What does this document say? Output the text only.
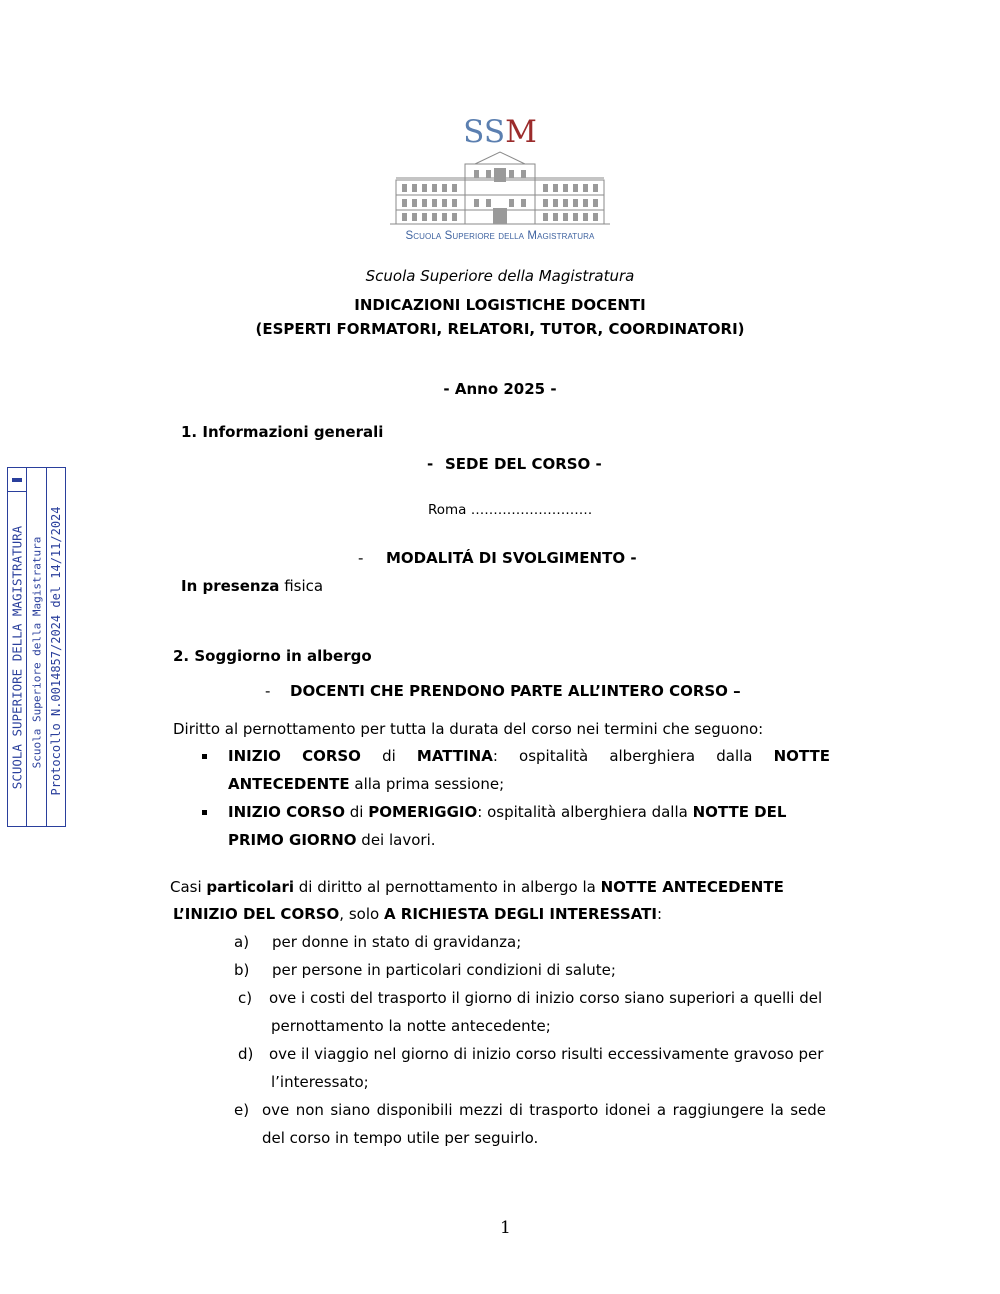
SSM
Scuola Superiore della Magistratura
SCUOLA SUPERIORE DELLA MAGISTRATURA Scuola Superiore della Magistratura Protocollo N.0014857/2024 del 14/11/2024
Scuola Superiore della Magistratura
INDICAZIONI LOGISTICHE DOCENTI
(ESPERTI FORMATORI, RELATORI, TUTOR, COORDINATORI)
- Anno 2025 -
1. Informazioni generali
- SEDE DEL CORSO -
Roma ………………………
- MODALITÁ DI SVOLGIMENTO -
In presenza fisica
2. Soggiorno in albergo
- DOCENTI CHE PRENDONO PARTE ALL’INTERO CORSO –
Diritto al pernottamento per tutta la durata del corso nei termini che seguono:
INIZIO CORSO di MATTINA: ospitalità alberghiera dalla NOTTE
ANTECEDENTE alla prima sessione;
INIZIO CORSO di POMERIGGIO: ospitalità alberghiera dalla NOTTE DEL
PRIMO GIORNO dei lavori.
Casi particolari di diritto al pernottamento in albergo la NOTTE ANTECEDENTE
L’INIZIO DEL CORSO, solo A RICHIESTA DEGLI INTERESSATI:
a) per donne in stato di gravidanza;
b) per persone in particolari condizioni di salute;
c) ove i costi del trasporto il giorno di inizio corso siano superiori a quelli del
pernottamento la notte antecedente;
d) ove il viaggio nel giorno di inizio corso risulti eccessivamente gravoso per
l’interessato;
e) ove non siano disponibili mezzi di trasporto idonei a raggiungere la sede
del corso in tempo utile per seguirlo.
1
